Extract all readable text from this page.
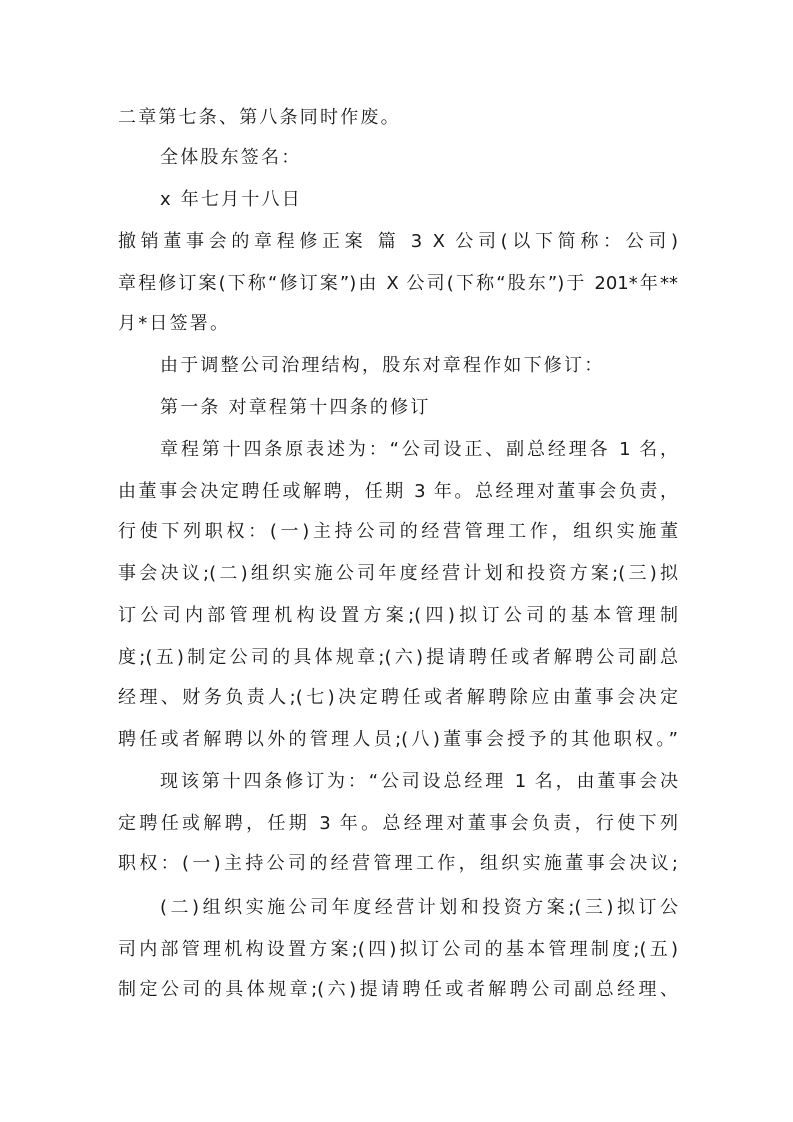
二章第七条、第八条同时作废。

全体股东签名：

x 年七月十八日

撤销董事会的章程修正案 篇 3 X 公司(以下简称：公司)

章程修订案(下称“修订案”)由 X 公司(下称“股东”)于 201*年**

月*日签署。

由于调整公司治理结构，股东对章程作如下修订：

第一条 对章程第十四条的修订

章程第十四条原表述为：“公司设正、副总经理各 1 名，

由董事会决定聘任或解聘，任期 3 年。总经理对董事会负责，

行使下列职权：(一)主持公司的经营管理工作，组织实施董

事会决议;(二)组织实施公司年度经营计划和投资方案;(三)拟

订公司内部管理机构设置方案;(四)拟订公司的基本管理制

度;(五)制定公司的具体规章;(六)提请聘任或者解聘公司副总

经理、财务负责人;(七)决定聘任或者解聘除应由董事会决定

聘任或者解聘以外的管理人员;(八)董事会授予的其他职权。”

现该第十四条修订为：“公司设总经理 1 名，由董事会决

定聘任或解聘，任期 3 年。总经理对董事会负责，行使下列

职权：(一)主持公司的经营管理工作，组织实施董事会决议;

(二)组织实施公司年度经营计划和投资方案;(三)拟订公

司内部管理机构设置方案;(四)拟订公司的基本管理制度;(五)

制定公司的具体规章;(六)提请聘任或者解聘公司副总经理、
